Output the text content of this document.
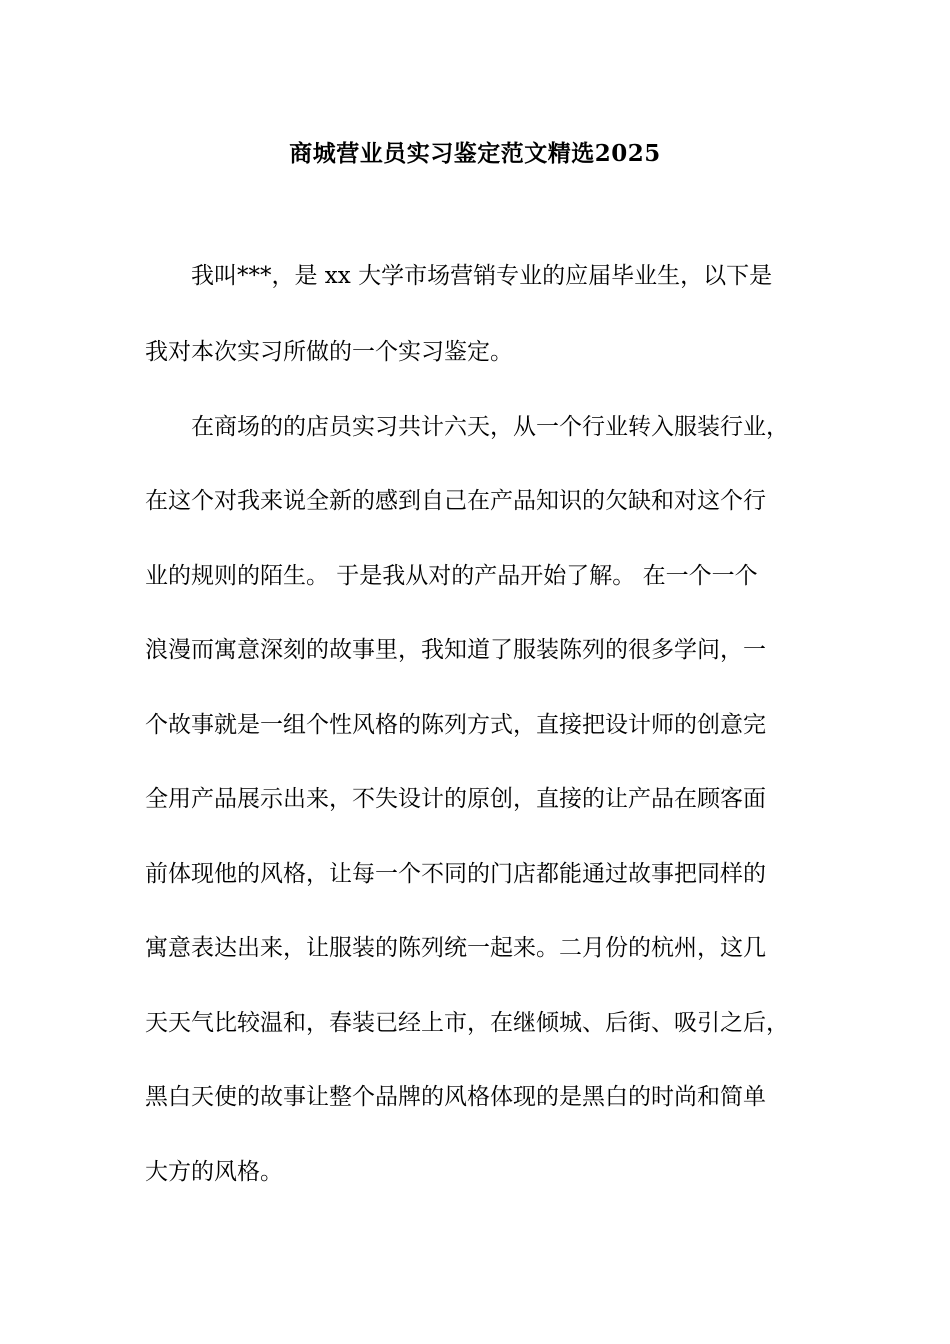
商城营业员实习鉴定范文精选2025
　　我叫***，是 xx 大学市场营销专业的应届毕业生，以下是
我对本次实习所做的一个实习鉴定。
　　在商场的的店员实习共计六天，从一个行业转入服装行业，
在这个对我来说全新的感到自己在产品知识的欠缺和对这个行
业的规则的陌生。 于是我从对的产品开始了解。 在一个一个
浪漫而寓意深刻的故事里，我知道了服装陈列的很多学问，一
个故事就是一组个性风格的陈列方式，直接把设计师的创意完
全用产品展示出来，不失设计的原创，直接的让产品在顾客面
前体现他的风格，让每一个不同的门店都能通过故事把同样的
寓意表达出来，让服装的陈列统一起来。二月份的杭州，这几
天天气比较温和，春装已经上市，在继倾城、后街、吸引之后，
黑白天使的故事让整个品牌的风格体现的是黑白的时尚和简单
大方的风格。
